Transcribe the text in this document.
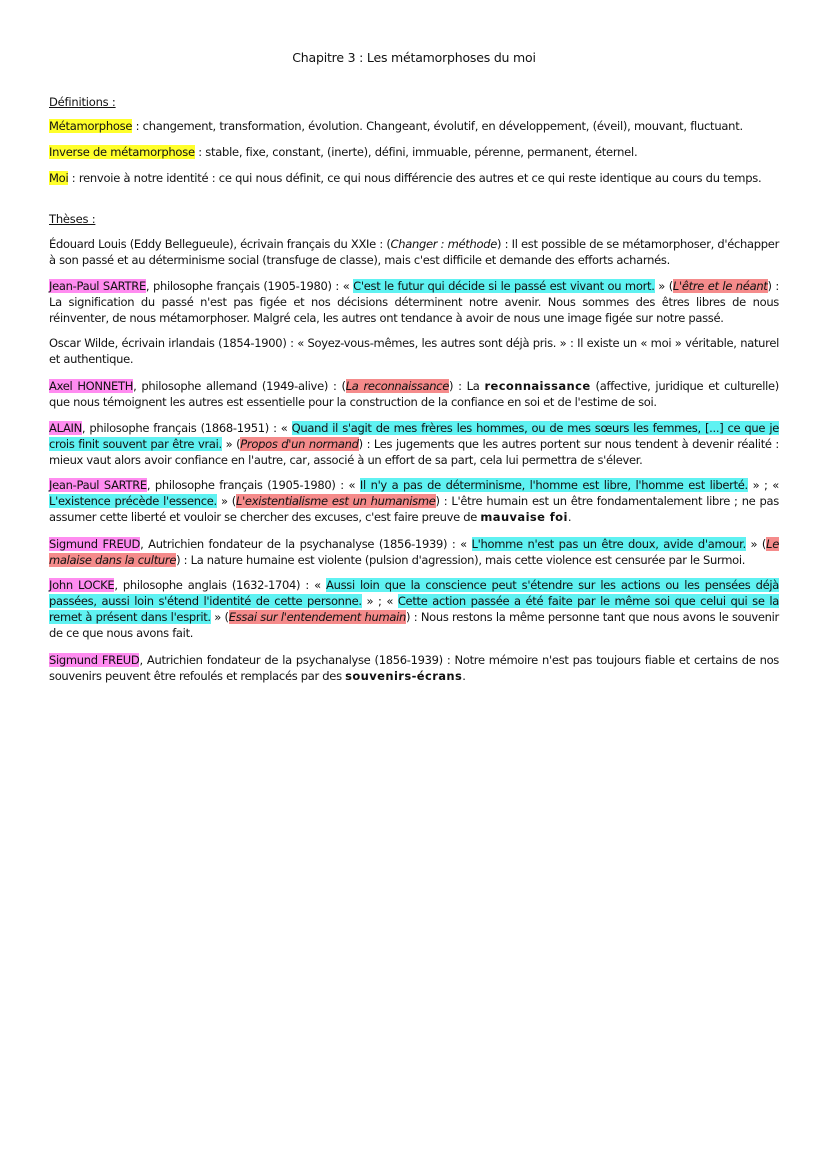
Chapitre 3 : Les métamorphoses du moi
Définitions :
Métamorphose : changement, transformation, évolution. Changeant, évolutif, en développement, (éveil), mouvant, fluctuant.
Inverse de métamorphose : stable, fixe, constant, (inerte), défini, immuable, pérenne, permanent, éternel.
Moi : renvoie à notre identité : ce qui nous définit, ce qui nous différencie des autres et ce qui reste identique au cours du temps.
Thèses :
Édouard Louis (Eddy Bellegueule), écrivain français du XXIe : (Changer : méthode) : Il est possible de se métamorphoser, d'échapper à son passé et au déterminisme social (transfuge de classe), mais c'est difficile et demande des efforts acharnés.
Jean-Paul SARTRE, philosophe français (1905-1980) : « C'est le futur qui décide si le passé est vivant ou mort. » (L'être et le néant) : La signification du passé n'est pas figée et nos décisions déterminent notre avenir. Nous sommes des êtres libres de nous réinventer, de nous métamorphoser. Malgré cela, les autres ont tendance à avoir de nous une image figée sur notre passé.
Oscar Wilde, écrivain irlandais (1854-1900) : « Soyez-vous-mêmes, les autres sont déjà pris. » : Il existe un « moi » véritable, naturel et authentique.
Axel HONNETH, philosophe allemand (1949-alive) : (La reconnaissance) : La reconnaissance (affective, juridique et culturelle) que nous témoignent les autres est essentielle pour la construction de la confiance en soi et de l'estime de soi.
ALAIN, philosophe français (1868-1951) : « Quand il s'agit de mes frères les hommes, ou de mes sœurs les femmes, [...] ce que je crois finit souvent par être vrai. » (Propos d'un normand) : Les jugements que les autres portent sur nous tendent à devenir réalité : mieux vaut alors avoir confiance en l'autre, car, associé à un effort de sa part, cela lui permettra de s'élever.
Jean-Paul SARTRE, philosophe français (1905-1980) : « Il n'y a pas de déterminisme, l'homme est libre, l'homme est liberté. » ; « L'existence précède l'essence. » (L'existentialisme est un humanisme) : L'être humain est un être fondamentalement libre ; ne pas assumer cette liberté et vouloir se chercher des excuses, c'est faire preuve de mauvaise foi.
Sigmund FREUD, Autrichien fondateur de la psychanalyse (1856-1939) : « L'homme n'est pas un être doux, avide d'amour. » (Le malaise dans la culture) : La nature humaine est violente (pulsion d'agression), mais cette violence est censurée par le Surmoi.
John LOCKE, philosophe anglais (1632-1704) : « Aussi loin que la conscience peut s'étendre sur les actions ou les pensées déjà passées, aussi loin s'étend l'identité de cette personne. » ; « Cette action passée a été faite par le même soi que celui qui se la remet à présent dans l'esprit. » (Essai sur l'entendement humain) : Nous restons la même personne tant que nous avons le souvenir de ce que nous avons fait.
Sigmund FREUD, Autrichien fondateur de la psychanalyse (1856-1939) : Notre mémoire n'est pas toujours fiable et certains de nos souvenirs peuvent être refoulés et remplacés par des souvenirs-écrans.
